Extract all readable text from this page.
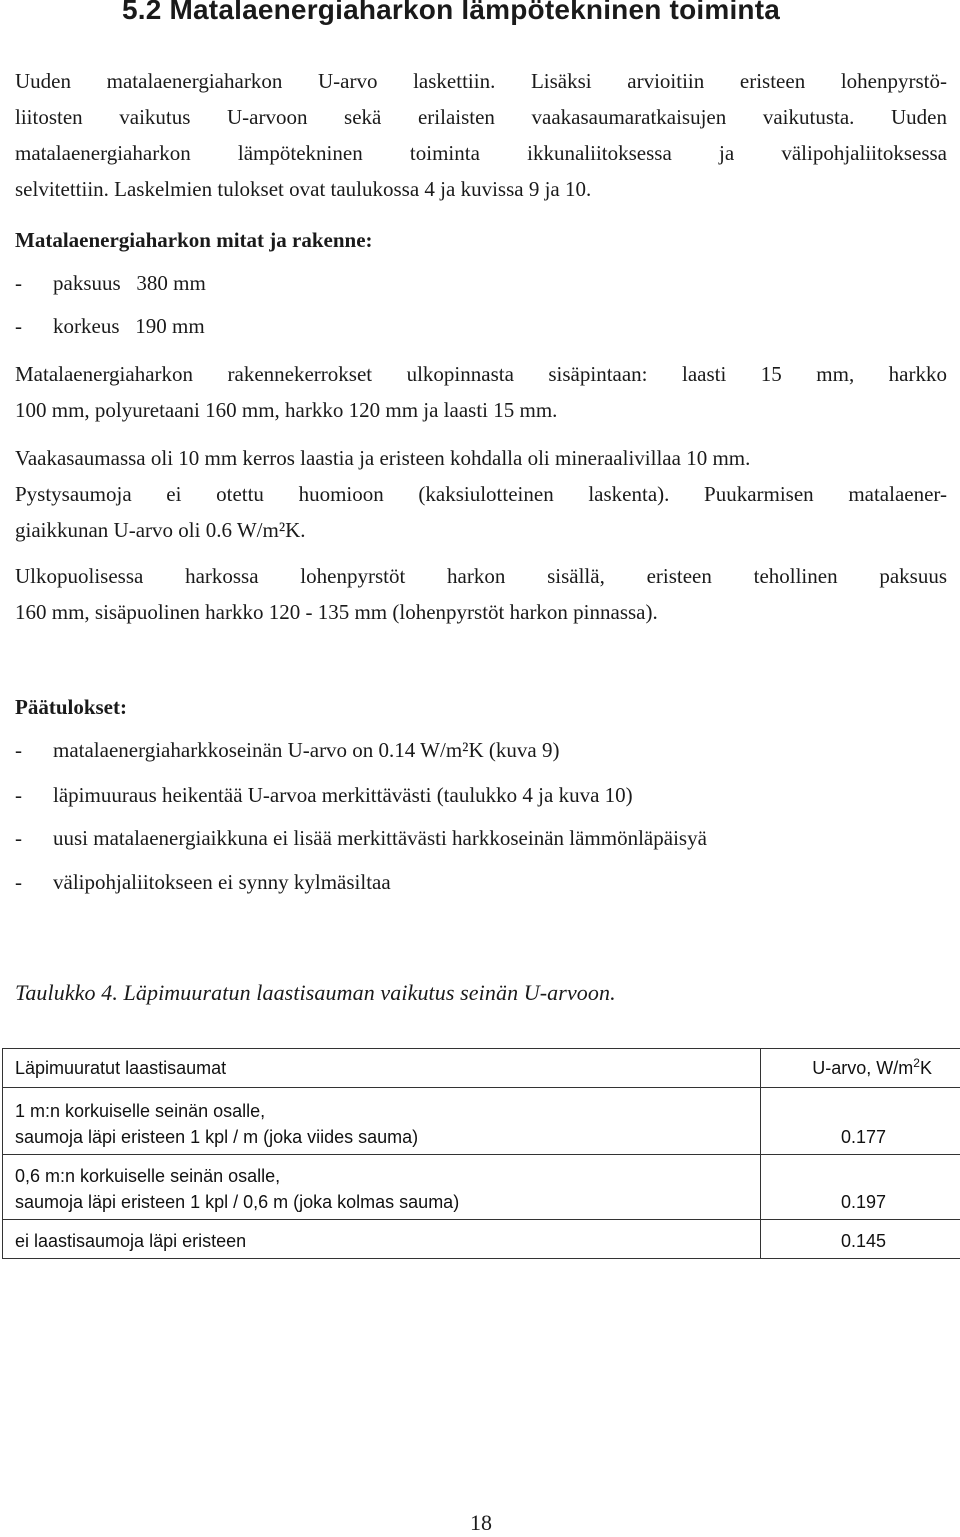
5.2 Matalaenergiaharkon lämpötekninen toiminta
Uuden matalaenergiaharkon U-arvo laskettiin. Lisäksi arvioitiin eristeen lohenpyrstö-
liitosten vaikutus U-arvoon sekä erilaisten vaakasaumaratkaisujen vaikutusta. Uuden
matalaenergiaharkon lämpötekninen toiminta ikkunaliitoksessa ja välipohjaliitoksessa
selvitettiin. Laskelmien tulokset ovat taulukossa 4 ja kuvissa 9 ja 10.
Matalaenergiaharkon mitat ja rakenne:
- paksuus   380 mm
- korkeus   190 mm
Matalaenergiaharkon rakennekerrokset ulkopinnasta sisäpintaan: laasti 15 mm, harkko
100 mm, polyuretaani 160 mm, harkko 120 mm ja laasti 15 mm.
Vaakasaumassa oli 10 mm kerros laastia ja eristeen kohdalla oli mineraalivillaa 10 mm.
Pystysaumoja ei otettu huomioon (kaksiulotteinen laskenta). Puukarmisen matalaener-
giaikkunan U-arvo oli 0.6 W/m²K.
Ulkopuolisessa harkossa lohenpyrstöt harkon sisällä, eristeen tehollinen paksuus
160 mm, sisäpuolinen harkko 120 - 135 mm (lohenpyrstöt harkon pinnassa).
Päätulokset:
- matalaenergiaharkkoseinän U-arvo on 0.14 W/m²K (kuva 9)
- läpimuuraus heikentää U-arvoa merkittävästi (taulukko 4 ja kuva 10)
- uusi matalaenergiaikkuna ei lisää merkittävästi harkkoseinän lämmönläpäisyä
- välipohjaliitokseen ei synny kylmäsiltaa
Taulukko 4. Läpimuuratun laastisauman vaikutus seinän U-arvoon.
Läpimuuratut laastisaumat	U-arvo, $W/m^2K$

1 m:n korkuiselle seinän osalle,
saumoja läpi eristeen 1 kpl / m (joka viides sauma)	0.177

0,6 m:n korkuiselle seinän osalle,
saumoja läpi eristeen 1 kpl / 0,6 m (joka kolmas sauma)	0.197

ei laastisaumoja läpi eristeen	0.145
18
